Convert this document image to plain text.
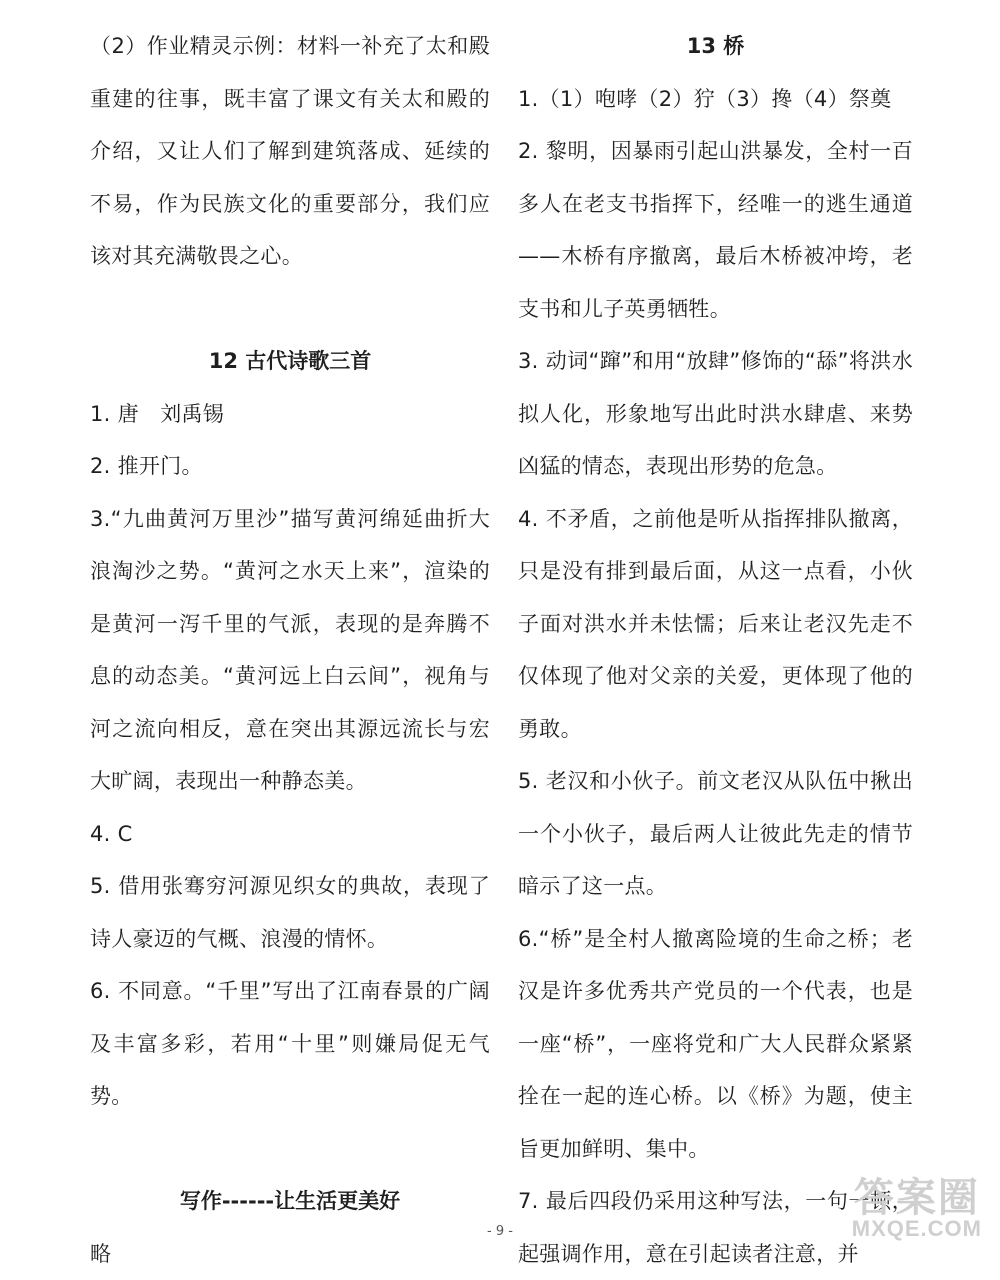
（2）作业精灵示例：材料一补充了太和殿重建的往事，既丰富了课文有关太和殿的介绍，又让人们了解到建筑落成、延续的不易，作为民族文化的重要部分，我们应该对其充满敬畏之心。
12 古代诗歌三首
1. 唐　刘禹锡
2. 推开门。
3.“九曲黄河万里沙”描写黄河绵延曲折大浪淘沙之势。“黄河之水天上来”，渲染的是黄河一泻千里的气派，表现的是奔腾不息的动态美。“黄河远上白云间”，视角与河之流向相反，意在突出其源远流长与宏大旷阔，表现出一种静态美。
4. C
5. 借用张骞穷河源见织女的典故，表现了诗人豪迈的气概、浪漫的情怀。
6. 不同意。“千里”写出了江南春景的广阔及丰富多彩，若用“十里”则嫌局促无气势。
写作------让生活更美好
略
13 桥
1.（1）咆哮（2）狞（3）搀（4）祭奠
2. 黎明，因暴雨引起山洪暴发，全村一百多人在老支书指挥下，经唯一的逃生通道——木桥有序撤离，最后木桥被冲垮，老支书和儿子英勇牺牲。
3. 动词“蹿”和用“放肆”修饰的“舔”将洪水拟人化，形象地写出此时洪水肆虐、来势凶猛的情态，表现出形势的危急。
4. 不矛盾，之前他是听从指挥排队撤离，只是没有排到最后面，从这一点看，小伙子面对洪水并未怯懦；后来让老汉先走不仅体现了他对父亲的关爱，更体现了他的勇敢。
5. 老汉和小伙子。前文老汉从队伍中揪出一个小伙子，最后两人让彼此先走的情节暗示了这一点。
6.“桥”是全村人撤离险境的生命之桥；老汉是许多优秀共产党员的一个代表，也是一座“桥”，一座将党和广大人民群众紧紧拴在一起的连心桥。以《桥》为题，使主旨更加鲜明、集中。
7. 最后四段仍采用这种写法，一句一顿，起强调作用，意在引起读者注意，并
- 9 -
答案圈
MXQE.COM
